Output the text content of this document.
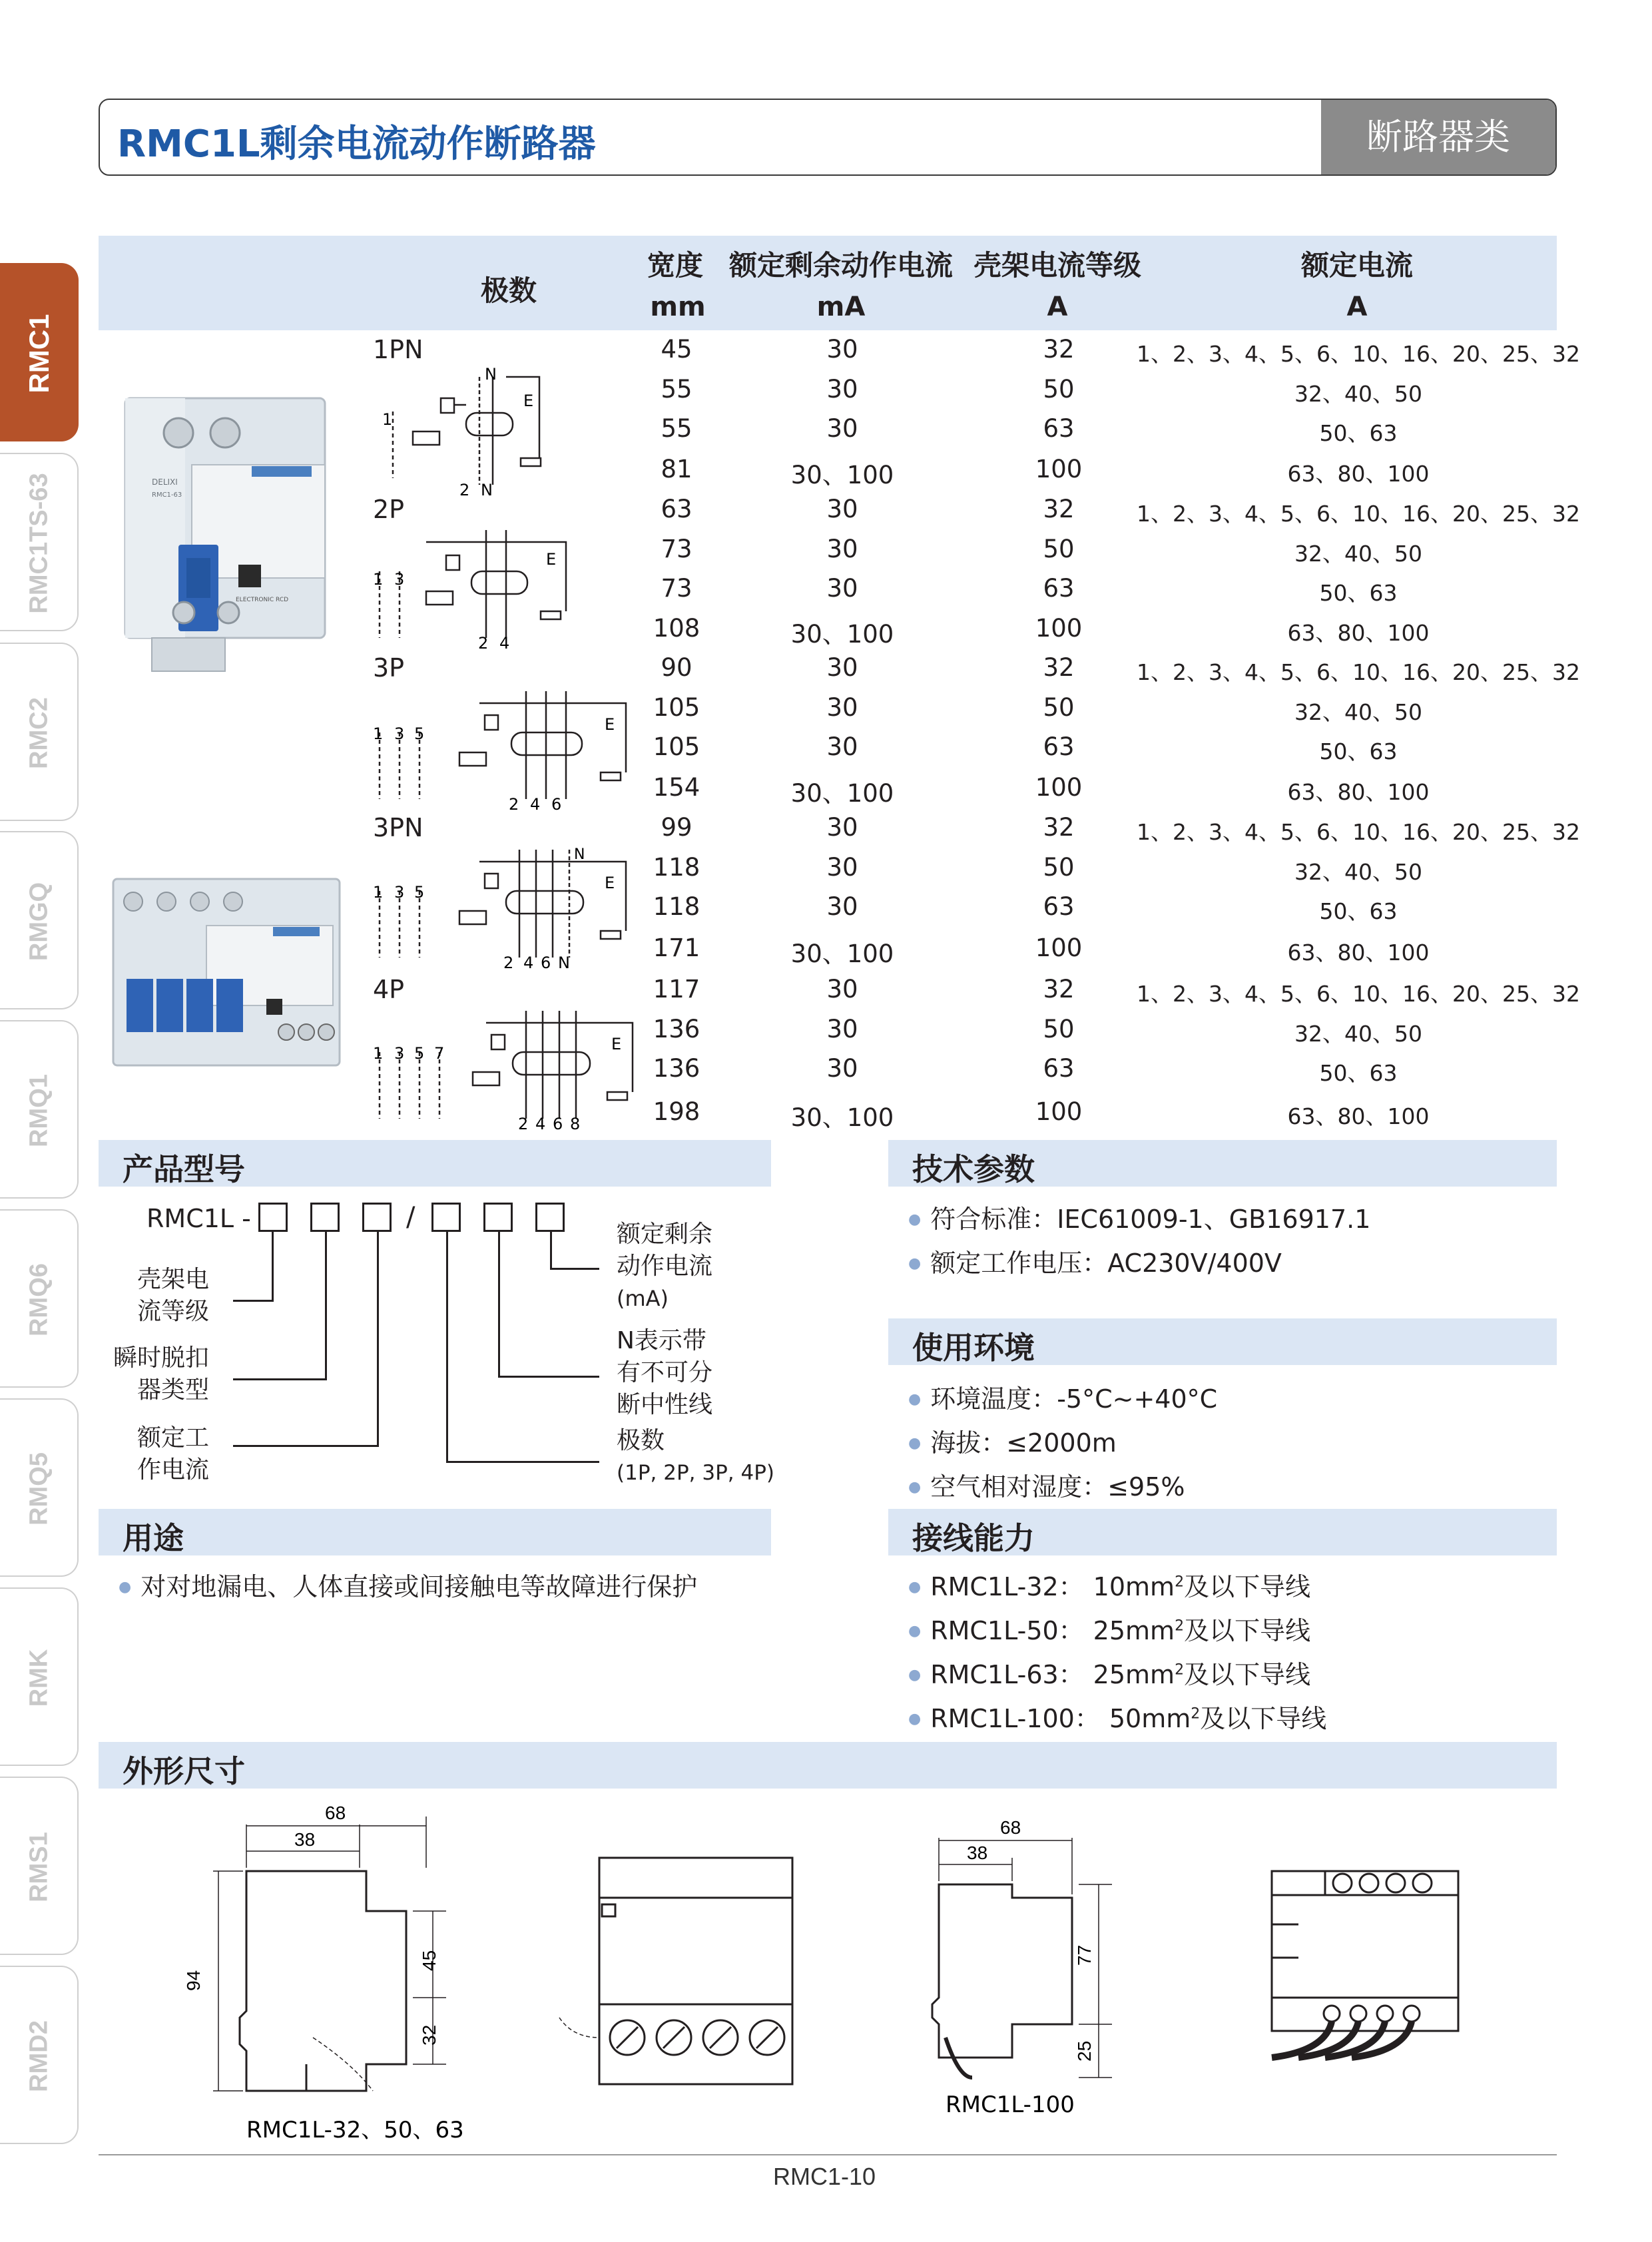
RMC1L剩余电流动作断路器	断路器类
RMC1
RMC1TS-63
RMC2
RMGQ
RMQ1
RMQ6
RMQ5
RMK
RMS1
RMD2
极数
宽度 额定剩余动作电流 壳架电流等级	额定电流
mm	mA	A	A
1PN	45	30	32	1、2、3、4、5、6、10、16、20、25、32
55	30	50	32、40、50
55	30	63	50、63
81	30、100	100	63、80、100
2P	63	30	32	1、2、3、4、5、6、10、16、20、25、32
73	30	50	32、40、50
73	30	63	50、63
108	30、100	100	63、80、100
3P	90	30	32	1、2、3、4、5、6、10、16、20、25、32
105	30	50	32、40、50
105	30	63	50、63
154	30、100	100	63、80、100
3PN	99	30	32	1、2、3、4、5、6、10、16、20、25、32
118	30	50	32、40、50
118	30	63	50、63
171	30、100	100	63、80、100
4P	117	30	32	1、2、3、4、5、6、10、16、20、25、32
136	30	50	32、40、50
136	30	63	50、63
198	30、100	100	63、80、100
DELIXI
RMC1-63
ELECTRONIC RCD
N
1
2 N
E
1 3
2 4
E
1 3 5
2 4 6
E
N
1 3 5
2 4 6 N
E
1 3 5 7
2 4 6 8
E
产品型号
RMC1L -	/
壳架电
流等级
瞬时脱扣
器类型
额定工
作电流
额定剩余
动作电流
(mA)
N表示带
有不可分
断中性线
极数
(1P, 2P, 3P, 4P)
用途
● 对对地漏电、人体直接或间接触电等故障进行保护
技术参数
● 符合标准：IEC61009-1、GB16917.1
● 额定工作电压：AC230V/400V
使用环境
● 环境温度：-5°C~+40°C
● 海拔：≤2000m
● 空气相对湿度：≤95%
接线能力
● RMC1L-32： $10mm^2$及以下导线
● RMC1L-50： $25mm^2$及以下导线
● RMC1L-63： $25mm^2$及以下导线
● RMC1L-100： $50mm^2$及以下导线
外形尺寸
68
38
94
45
32
RMC1L-32、50、63
68
38
77
25
RMC1L-100
RMC1-10
